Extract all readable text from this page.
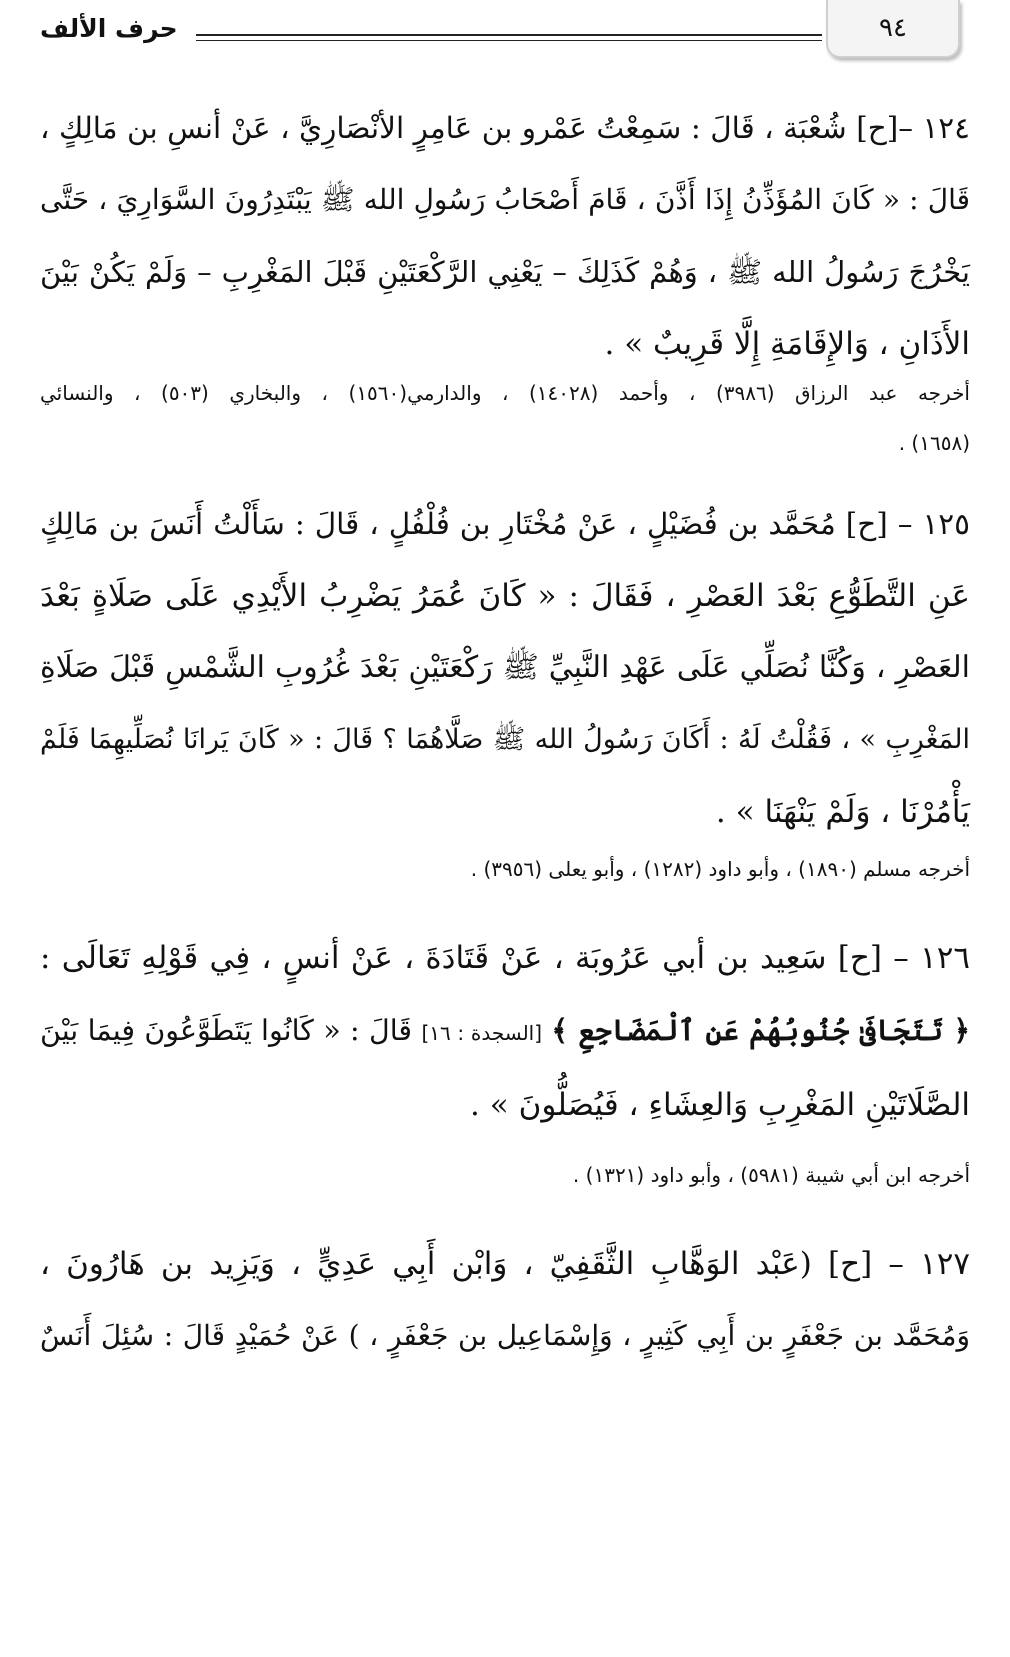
٩٤
حرف الألف
١٢٤ –[ح] شُعْبَة ، قَالَ : سَمِعْتُ عَمْرو بن عَامِرٍ الأنْصَارِيَّ ، عَنْ أنسِ بن مَالِكٍ ،
قَالَ : « كَانَ المُؤَذِّنُ إِذَا أَذَّنَ ، قَامَ أَصْحَابُ رَسُولِ الله ﷺ يَبْتَدِرُونَ السَّوَارِيَ ، حَتَّى
يَخْرُجَ رَسُولُ الله ﷺ ، وَهُمْ كَذَلِكَ – يَعْنِي الرَّكْعَتَيْنِ قَبْلَ المَغْرِبِ – وَلَمْ يَكُنْ بَيْنَ
الأَذَانِ ، وَالإِقَامَةِ إِلَّا قَرِيبٌ » .
أخرجه عبد الرزاق (٣٩٨٦) ، وأحمد (١٤٠٢٨) ، والدارمي(١٥٦٠) ، والبخاري (٥٠٣) ، والنسائي
(١٦٥٨) .
١٢٥ – [ح] مُحَمَّد بن فُضَيْلٍ ، عَنْ مُخْتَارِ بن فُلْفُلٍ ، قَالَ : سَأَلْتُ أَنَسَ بن مَالِكٍ
عَنِ التَّطَوُّعِ بَعْدَ العَصْرِ ، فَقَالَ : « كَانَ عُمَرُ يَضْرِبُ الأَيْدِي عَلَى صَلَاةٍ بَعْدَ
العَصْرِ ، وَكُنَّا نُصَلِّي عَلَى عَهْدِ النَّبِيِّ ﷺ رَكْعَتَيْنِ بَعْدَ غُرُوبِ الشَّمْسِ قَبْلَ صَلَاةِ
المَغْرِبِ » ، فَقُلْتُ لَهُ : أَكَانَ رَسُولُ الله ﷺ صَلَّاهُمَا ؟ قَالَ : « كَانَ يَرانَا نُصَلِّيهِمَا فَلَمْ
يَأْمُرْنَا ، وَلَمْ يَنْهَنَا » .
أخرجه مسلم (١٨٩٠) ، وأبو داود (١٢٨٢) ، وأبو يعلى (٣٩٥٦) .
١٢٦ – [ح] سَعِيد بن أبي عَرُوبَة ، عَنْ قَتَادَةَ ، عَنْ أنسٍ ، فِي قَوْلِهِ تَعَالَى :
﴿ تَتَجَافَىٰ جُنُوبُهُمْ عَنِ ٱلْمَضَاجِعِ ﴾ [السجدة : ١٦] قَالَ : « كَانُوا يَتَطَوَّعُونَ فِيمَا بَيْنَ
الصَّلَاتَيْنِ المَغْرِبِ وَالعِشَاءِ ، فَيُصَلُّونَ » .
أخرجه ابن أبي شيبة (٥٩٨١) ، وأبو داود (١٣٢١) .
١٢٧ – [ح] (عَبْد الوَهَّابِ الثَّقَفِيّ ، وَابْن أَبِي عَدِيٍّ ، وَيَزِيد بن هَارُونَ ،
وَمُحَمَّد بن جَعْفَرٍ بن أَبِي كَثِيرٍ ، وَإِسْمَاعِيل بن جَعْفَرٍ ، ) عَنْ حُمَيْدٍ قَالَ : سُئِلَ أَنَسٌ
